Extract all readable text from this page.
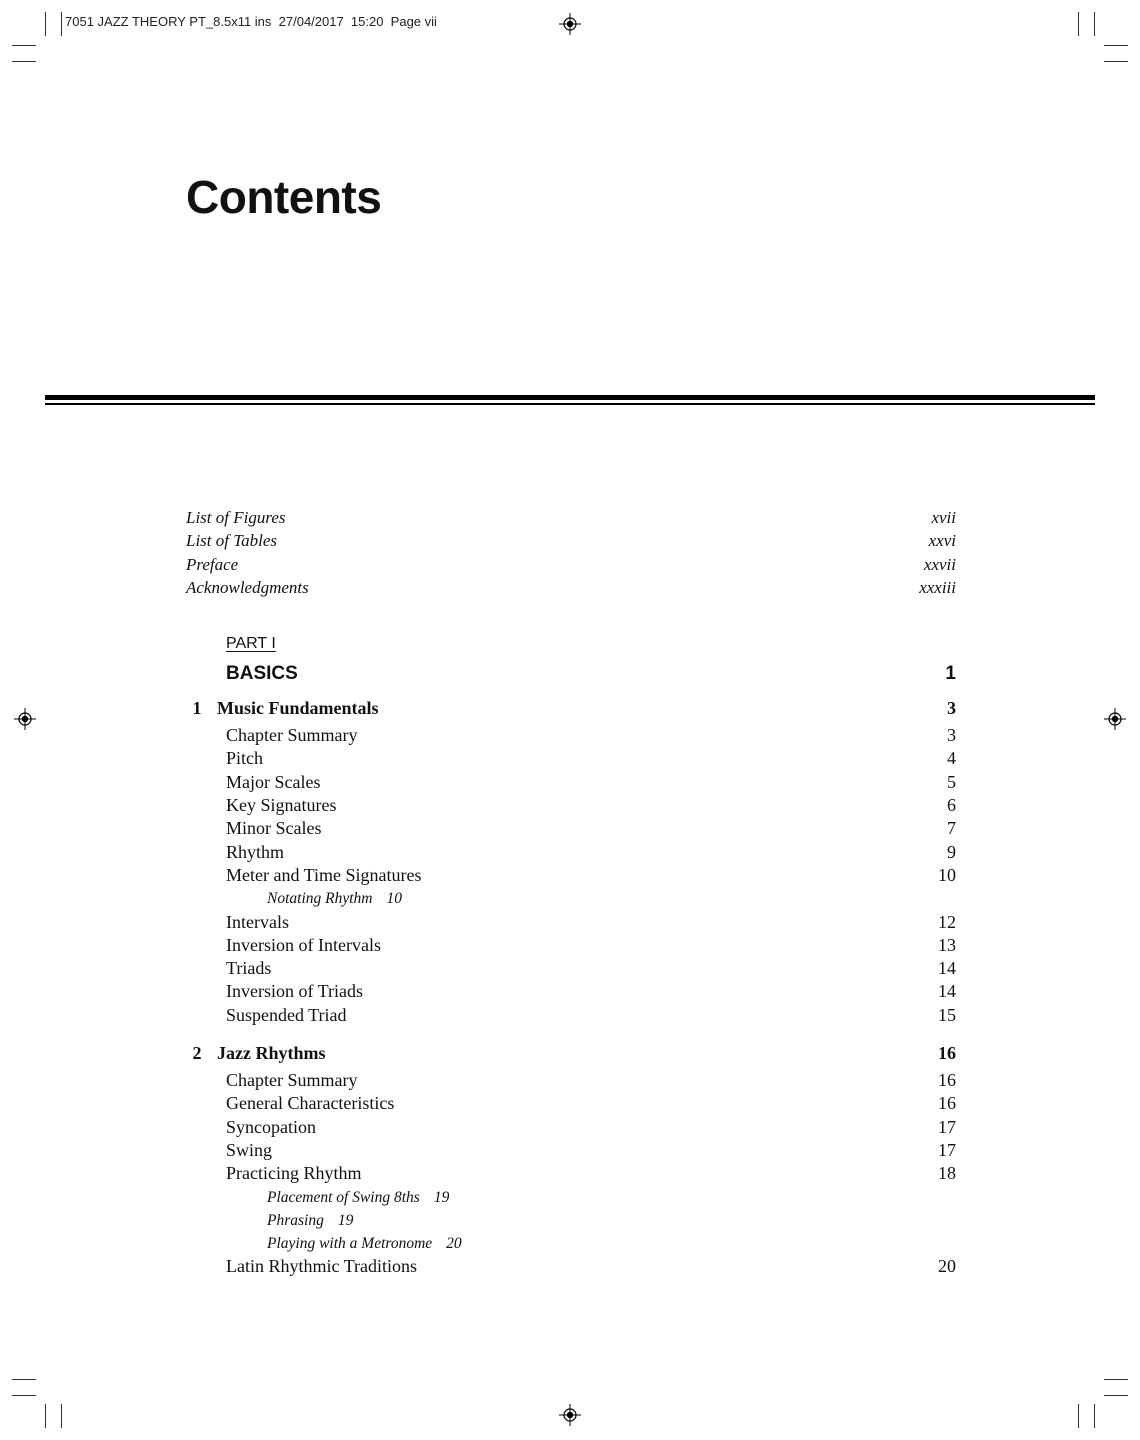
7051 JAZZ THEORY PT_8.5x11 ins  27/04/2017  15:20  Page vii
Contents
List of Figures	xvii
List of Tables	xxvi
Preface	xxvii
Acknowledgments	xxxiii
PART I
BASICS	1
1 Music Fundamentals	3
Chapter Summary	3
Pitch	4
Major Scales	5
Key Signatures	6
Minor Scales	7
Rhythm	9
Meter and Time Signatures	10
Notating Rhythm 10
Intervals	12
Inversion of Intervals	13
Triads	14
Inversion of Triads	14
Suspended Triad	15
2 Jazz Rhythms	16
Chapter Summary	16
General Characteristics	16
Syncopation	17
Swing	17
Practicing Rhythm	18
Placement of Swing 8ths 19
Phrasing 19
Playing with a Metronome 20
Latin Rhythmic Traditions	20
